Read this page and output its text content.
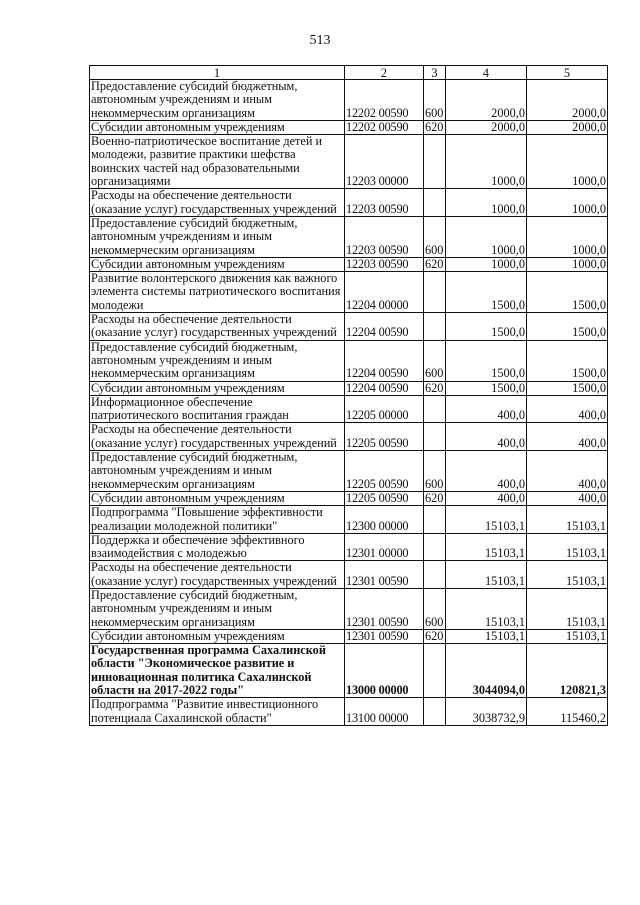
513
1	2	3	4	5
Предоставление субсидий бюджетным, автономным учреждениям и иным некоммерческим организациям	12202 00590	600	2000,0	2000,0
Субсидии автономным учреждениям	12202 00590	620	2000,0	2000,0
Военно-патриотическое воспитание детей и молодежи, развитие практики шефства воинских частей над образовательными организациями	12203 00000		1000,0	1000,0
Расходы на обеспечение деятельности (оказание услуг) государственных учреждений	12203 00590		1000,0	1000,0
Предоставление субсидий бюджетным, автономным учреждениям и иным некоммерческим организациям	12203 00590	600	1000,0	1000,0
Субсидии автономным учреждениям	12203 00590	620	1000,0	1000,0
Развитие волонтерского движения как важного элемента системы патриотического воспитания молодежи	12204 00000		1500,0	1500,0
Расходы на обеспечение деятельности (оказание услуг) государственных учреждений	12204 00590		1500,0	1500,0
Предоставление субсидий бюджетным, автономным учреждениям и иным некоммерческим организациям	12204 00590	600	1500,0	1500,0
Субсидии автономным учреждениям	12204 00590	620	1500,0	1500,0
Информационное обеспечение патриотического воспитания граждан	12205 00000		400,0	400,0
Расходы на обеспечение деятельности (оказание услуг) государственных учреждений	12205 00590		400,0	400,0
Предоставление субсидий бюджетным, автономным учреждениям и иным некоммерческим организациям	12205 00590	600	400,0	400,0
Субсидии автономным учреждениям	12205 00590	620	400,0	400,0
Подпрограмма "Повышение эффективности реализации молодежной политики"	12300 00000		15103,1	15103,1
Поддержка и обеспечение эффективного взаимодействия с молодежью	12301 00000		15103,1	15103,1
Расходы на обеспечение деятельности (оказание услуг) государственных учреждений	12301 00590		15103,1	15103,1
Предоставление субсидий бюджетным, автономным учреждениям и иным некоммерческим организациям	12301 00590	600	15103,1	15103,1
Субсидии автономным учреждениям	12301 00590	620	15103,1	15103,1
Государственная программа Сахалинской области "Экономическое развитие и инновационная политика Сахалинской области на 2017-2022 годы"	13000 00000		3044094,0	120821,3
Подпрограмма "Развитие инвестиционного потенциала Сахалинской области"	13100 00000		3038732,9	115460,2
